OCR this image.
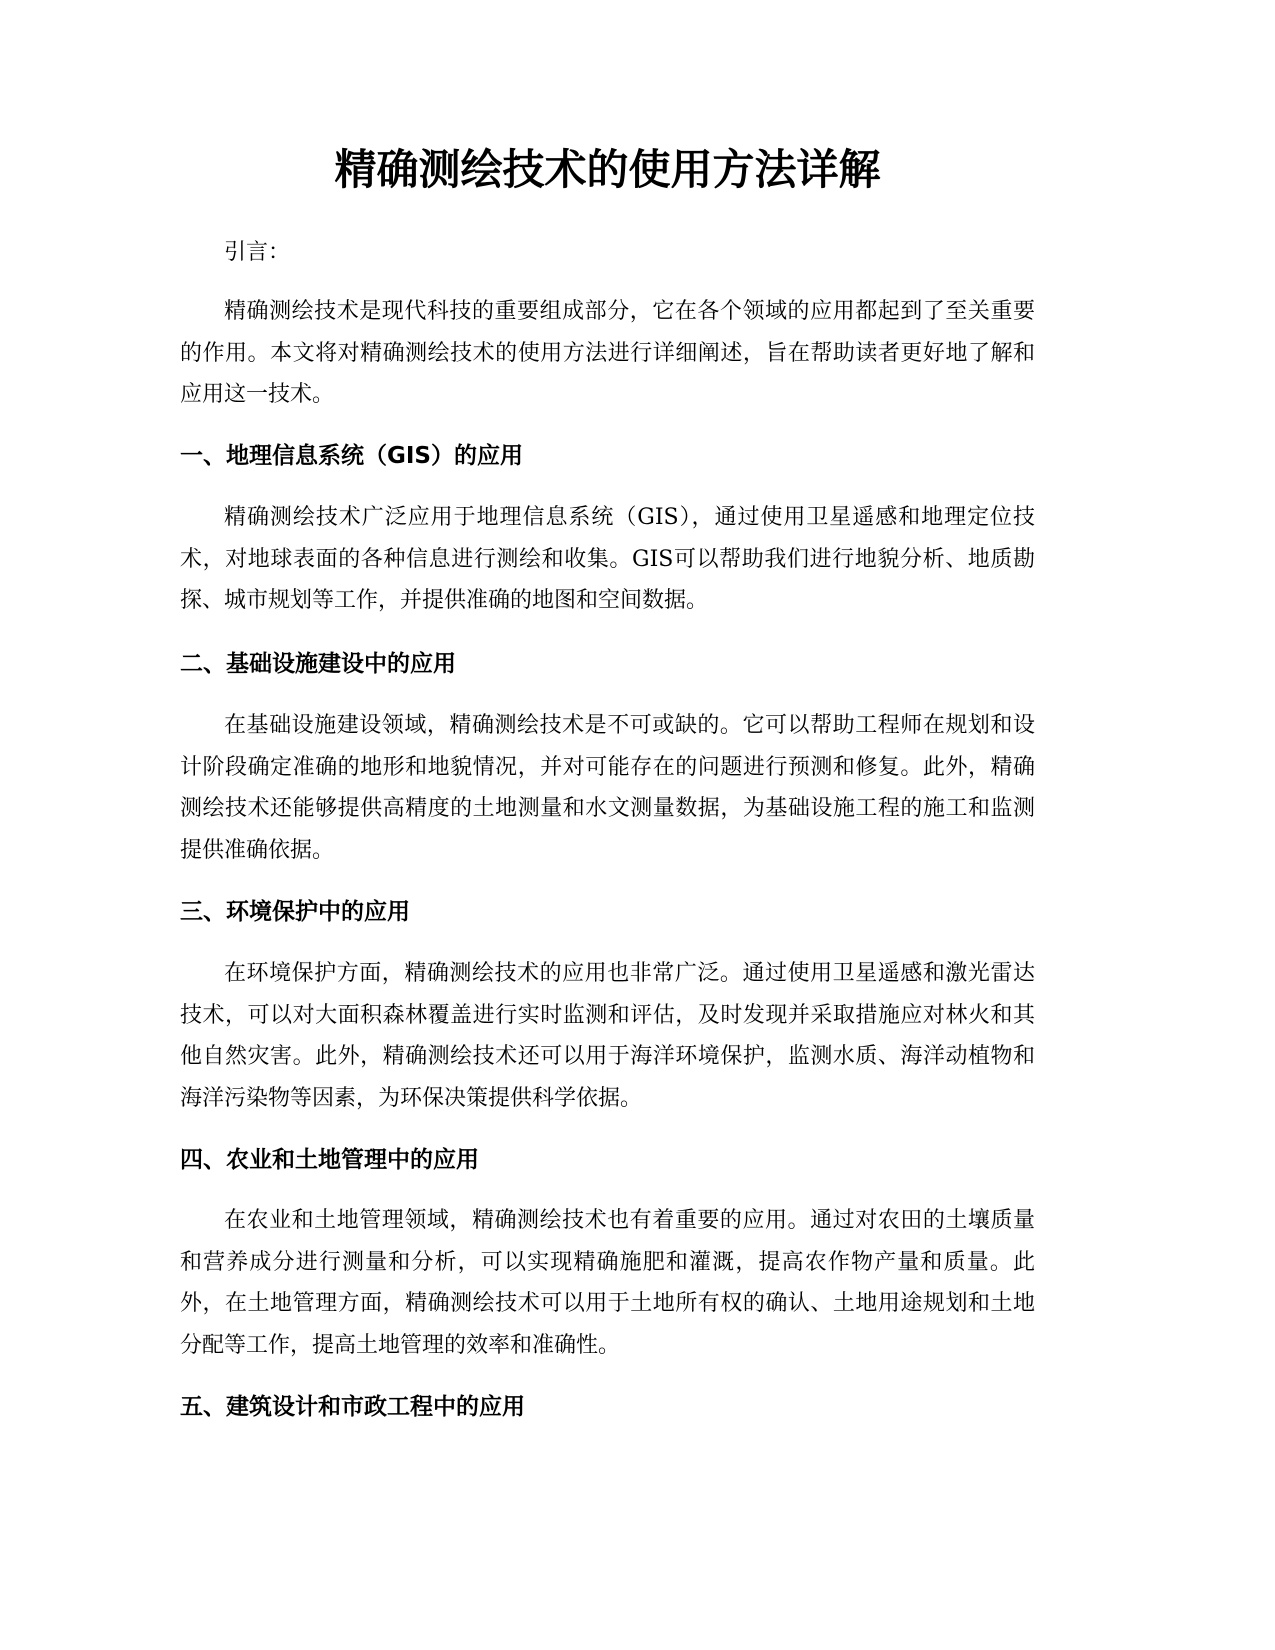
精确测绘技术的使用方法详解
引言：
精确测绘技术是现代科技的重要组成部分，它在各个领域的应用都起到了至关重要的作用。本文将对精确测绘技术的使用方法进行详细阐述，旨在帮助读者更好地了解和应用这一技术。
一、地理信息系统（GIS）的应用
精确测绘技术广泛应用于地理信息系统（GIS），通过使用卫星遥感和地理定位技术，对地球表面的各种信息进行测绘和收集。GIS可以帮助我们进行地貌分析、地质勘探、城市规划等工作，并提供准确的地图和空间数据。
二、基础设施建设中的应用
在基础设施建设领域，精确测绘技术是不可或缺的。它可以帮助工程师在规划和设计阶段确定准确的地形和地貌情况，并对可能存在的问题进行预测和修复。此外，精确测绘技术还能够提供高精度的土地测量和水文测量数据，为基础设施工程的施工和监测提供准确依据。
三、环境保护中的应用
在环境保护方面，精确测绘技术的应用也非常广泛。通过使用卫星遥感和激光雷达技术，可以对大面积森林覆盖进行实时监测和评估，及时发现并采取措施应对林火和其他自然灾害。此外，精确测绘技术还可以用于海洋环境保护，监测水质、海洋动植物和海洋污染物等因素，为环保决策提供科学依据。
四、农业和土地管理中的应用
在农业和土地管理领域，精确测绘技术也有着重要的应用。通过对农田的土壤质量和营养成分进行测量和分析，可以实现精确施肥和灌溉，提高农作物产量和质量。此外，在土地管理方面，精确测绘技术可以用于土地所有权的确认、土地用途规划和土地分配等工作，提高土地管理的效率和准确性。
五、建筑设计和市政工程中的应用
